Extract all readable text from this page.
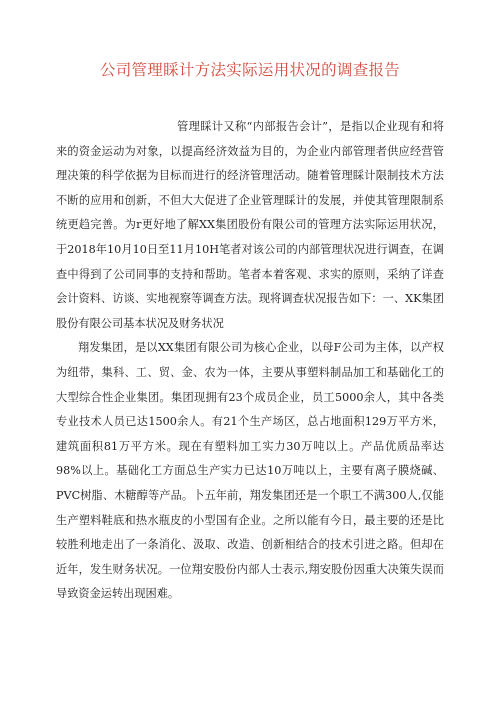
公司管理睬计方法实际运用状况的调查报告

管理睬计又称“内部报告会计”，是指以企业现有和将来的资金运动为对象，以提高经济效益为目的，为企业内部管理者供应经营管理决策的科学依据为目标而进行的经济管理活动。随着管理睬计限制技术方法不断的应用和创新，不但大大促进了企业管理睬计的发展，并使其管理限制系统更趋完善。为r更好地了解XX集团股份有限公司的管理方法实际运用状况，于2018年10月10日至11月10H笔者对该公司的内部管理状况进行调查，在调查中得到了公司同事的支持和帮助。笔者本着客观、求实的原则，采纳了详查会计资料、访谈、实地视察等调查方法。现将调查状况报告如下：一、XK集团股份有限公司基本状况及财务状况

翔发集团，是以XX集团有限公司为核心企业，以母F公司为主体，以产权为纽带，集科、工、贸、金、农为一体，主要从事塑料制品加工和基础化工的大型综合性企业集团。集团现拥有23个成员企业，员工5000余人，其中各类专业技术人员已达1500余人。有21个生产场区，总占地面积129万平方米，建筑面积81万平方米。现在有塑料加工实力30万吨以上。产品优质品率达98%以上。基础化工方面总生产实力已达10万吨以上，主要有离子膜烧碱、PVC树脂、木糖醇等产品。卜五年前，翔发集团还是一个职工不满300人,仅能生产塑料鞋底和热水瓶皮的小型国有企业。之所以能有今日，最主要的还是比较胜利地走出了一条消化、汲取、改造、创新相结合的技术引进之路。但却在近年，发生财务状况。一位翔安股份内部人士表示,翔安股份因重大决策失误而导致资金运转出现困难。
